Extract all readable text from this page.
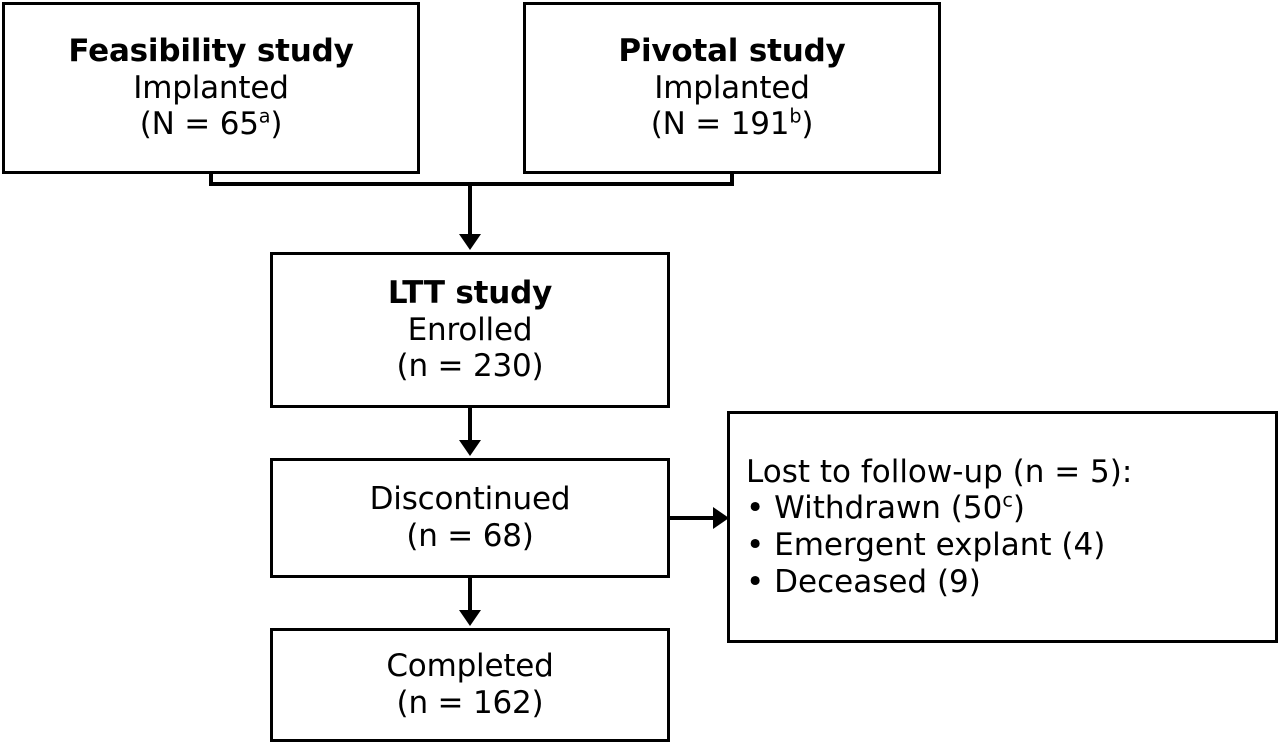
Feasibility study
Implanted
$(N = 65^a)$
Pivotal study
Implanted
$(N = 191^b)$
LTT study
Enrolled
(n = 230)
Discontinued
(n = 68)
Lost to follow-up (n = 5):
• Withdrawn (50$^c$)
• Emergent explant (4)
• Deceased (9)
Completed
(n = 162)
